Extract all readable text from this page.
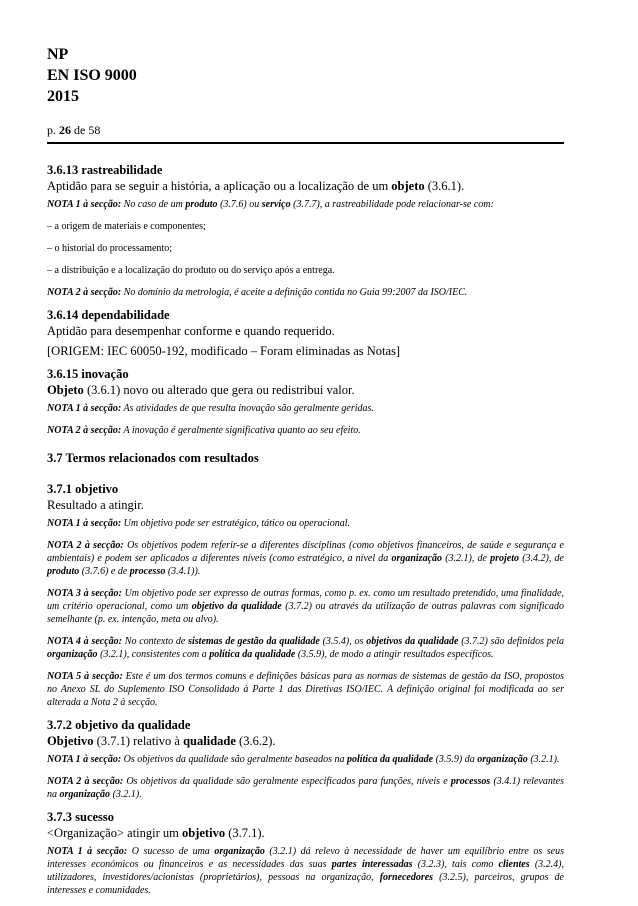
NP
EN ISO 9000
2015
p. 26 de 58

3.6.13 rastreabilidade

Aptidão para se seguir a história, a aplicação ou a localização de um objeto (3.6.1).

NOTA 1 à secção: No caso de um produto (3.7.6) ou serviço (3.7.7), a rastreabilidade pode relacionar-se com:

– a origem de materiais e componentes;

– o historial do processamento;

– a distribuição e a localização do produto ou do serviço após a entrega.

NOTA 2 à secção: No domínio da metrologia, é aceite a definição contida no Guia 99:2007 da ISO/IEC.

3.6.14 dependabilidade

Aptidão para desempenhar conforme e quando requerido.

[ORIGEM: IEC 60050-192, modificado – Foram eliminadas as Notas]

3.6.15 inovação

Objeto (3.6.1) novo ou alterado que gera ou redistribui valor.

NOTA 1 à secção: As atividades de que resulta inovação são geralmente geridas.

NOTA 2 à secção: A inovação é geralmente significativa quanto ao seu efeito.

3.7 Termos relacionados com resultados

3.7.1 objetivo

Resultado a atingir.

NOTA 1 à secção: Um objetivo pode ser estratégico, tático ou operacional.

NOTA 2 à secção: Os objetivos podem referir-se a diferentes disciplinas (como objetivos financeiros, de saúde e segurança e ambientais) e podem ser aplicados a diferentes níveis (como estratégico, a nível da organização (3.2.1), de projeto (3.4.2), de produto (3.7.6) e de processo (3.4.1)).

NOTA 3 à secção: Um objetivo pode ser expresso de outras formas, como p. ex. como um resultado pretendido, uma finalidade, um critério operacional, como um objetivo da qualidade (3.7.2) ou através da utilização de outras palavras com significado semelhante (p. ex. intenção, meta ou alvo).

NOTA 4 à secção: No contexto de sistemas de gestão da qualidade (3.5.4), os objetivos da qualidade (3.7.2) são definidos pela organização (3.2.1), consistentes com a política da qualidade (3.5.9), de modo a atingir resultados específicos.

NOTA 5 à secção: Este é um dos termos comuns e definições básicas para as normas de sistemas de gestão da ISO, propostos no Anexo SL do Suplemento ISO Consolidado à Parte 1 das Diretivas ISO/IEC. A definição original foi modificada ao ser alterada a Nota 2 à secção.

3.7.2 objetivo da qualidade

Objetivo (3.7.1) relativo à qualidade (3.6.2).

NOTA 1 à secção: Os objetivos da qualidade são geralmente baseados na política da qualidade (3.5.9) da organização (3.2.1).

NOTA 2 à secção: Os objetivos da qualidade são geralmente especificados para funções, níveis e processos (3.4.1) relevantes na organização (3.2.1).

3.7.3 sucesso

<Organização> atingir um objetivo (3.7.1).

NOTA 1 à secção: O sucesso de uma organização (3.2.1) dá relevo à necessidade de haver um equilíbrio entre os seus interesses económicos ou financeiros e as necessidades das suas partes interessadas (3.2.3), tais como clientes (3.2.4), utilizadores, investidores/acionistas (proprietários), pessoas na organização, fornecedores (3.2.5), parceiros, grupos de interesses e comunidades.
